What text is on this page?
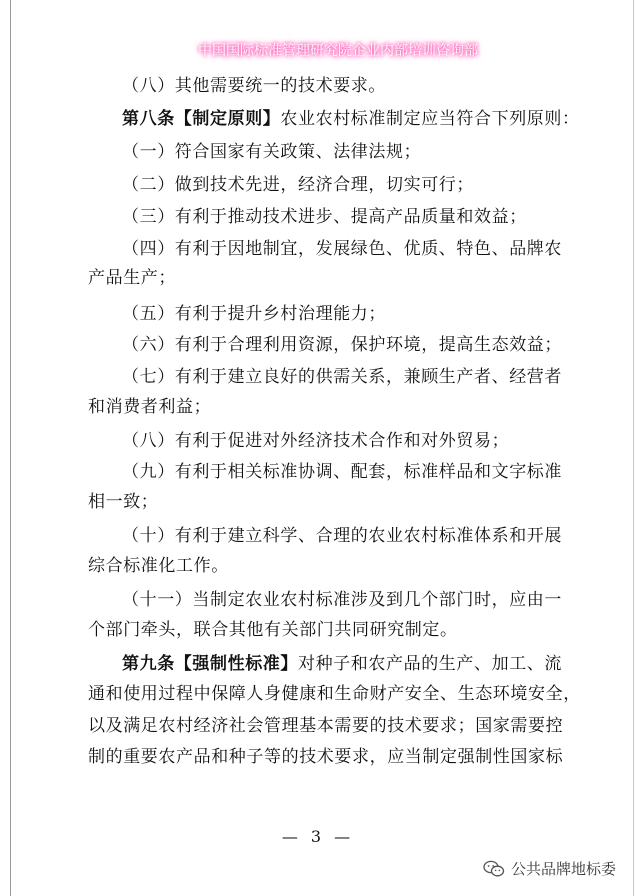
中国国际标准管理研究院企业内部培训咨询部
（八）其他需要统一的技术要求。
第八条【制定原则】农业农村标准制定应当符合下列原则：
（一）符合国家有关政策、法律法规；
（二）做到技术先进，经济合理，切实可行；
（三）有利于推动技术进步、提高产品质量和效益；
（四）有利于因地制宜，发展绿色、优质、特色、品牌农
产品生产；
（五）有利于提升乡村治理能力；
（六）有利于合理利用资源，保护环境，提高生态效益；
（七）有利于建立良好的供需关系，兼顾生产者、经营者
和消费者利益；
（八）有利于促进对外经济技术合作和对外贸易；
（九）有利于相关标准协调、配套，标准样品和文字标准
相一致；
（十）有利于建立科学、合理的农业农村标准体系和开展
综合标准化工作。
（十一）当制定农业农村标准涉及到几个部门时，应由一
个部门牵头，联合其他有关部门共同研究制定。
第九条【强制性标准】对种子和农产品的生产、加工、流
通和使用过程中保障人身健康和生命财产安全、生态环境安全，
以及满足农村经济社会管理基本需要的技术要求；国家需要控
制的重要农产品和种子等的技术要求，应当制定强制性国家标
— 3 —
公共品牌地标委
